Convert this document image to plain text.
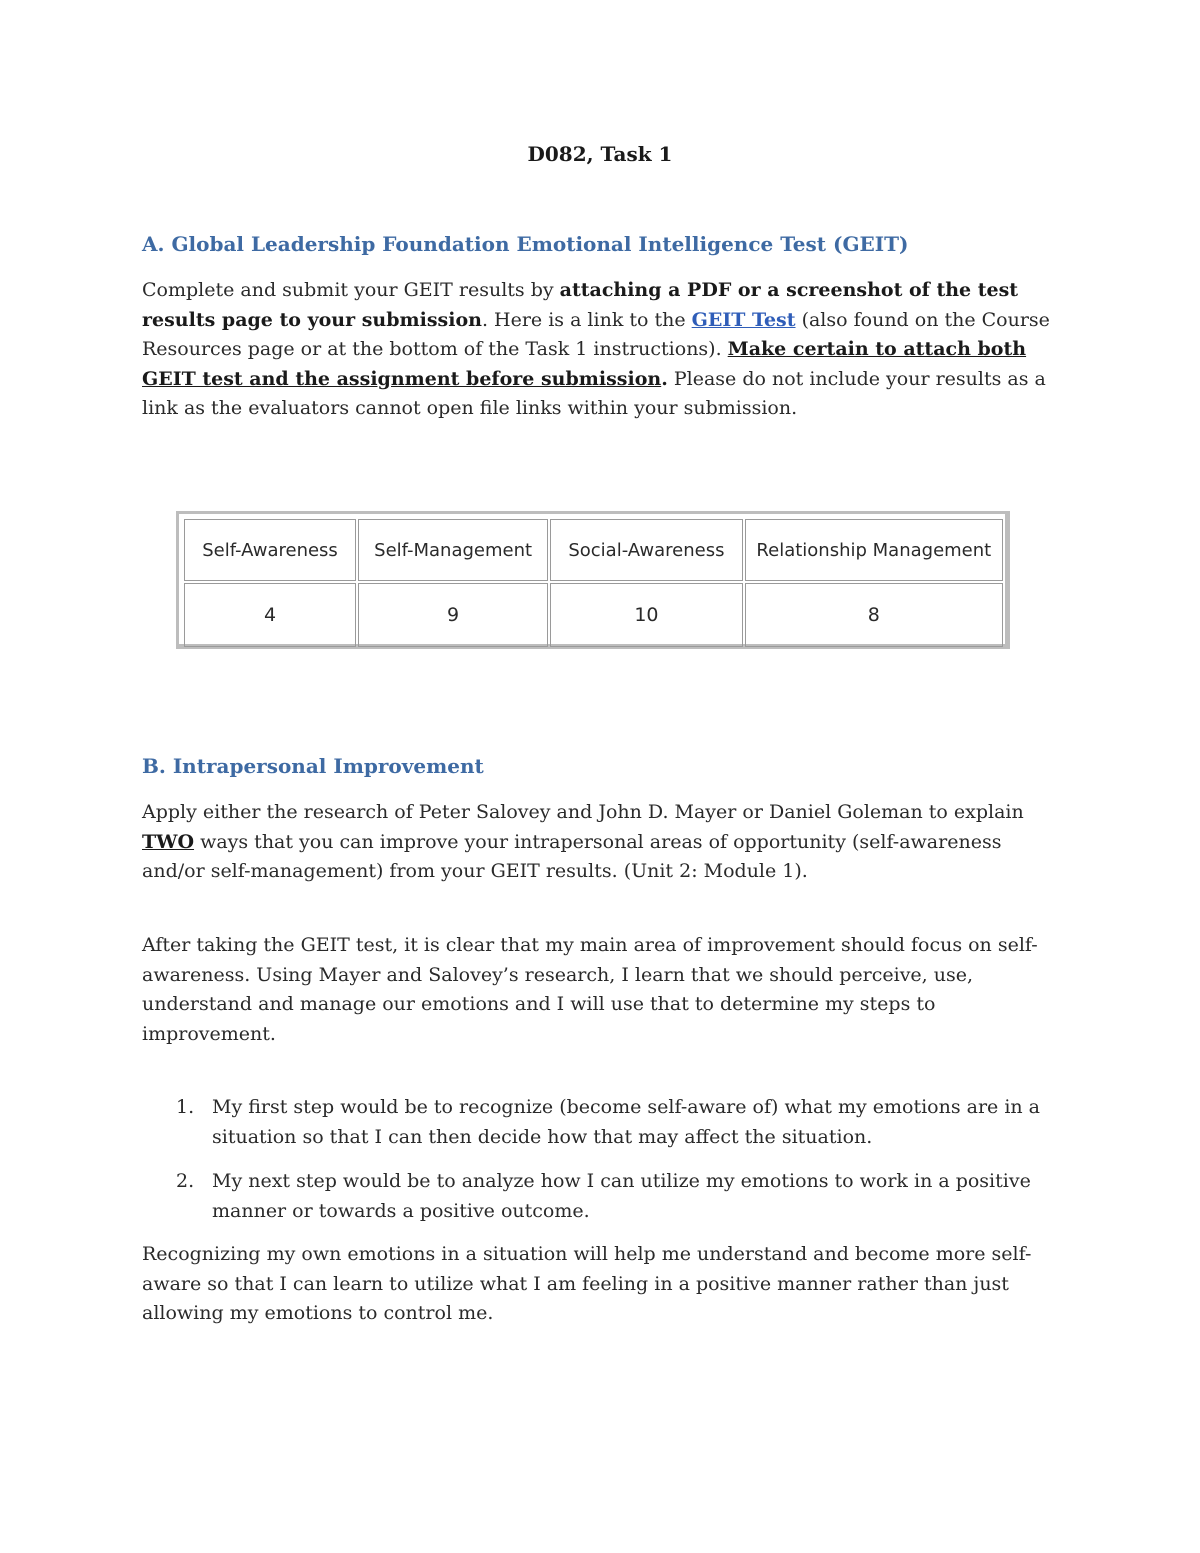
D082, Task 1
A. Global Leadership Foundation Emotional Intelligence Test (GEIT)
Complete and submit your GEIT results by attaching a PDF or a screenshot of the test results page to your submission. Here is a link to the GEIT Test (also found on the Course Resources page or at the bottom of the Task 1 instructions). Make certain to attach both GEIT test and the assignment before submission. Please do not include your results as a link as the evaluators cannot open file links within your submission.
Self-Awareness	Self-Management	Social-Awareness	Relationship Management
4	9	10	8
B. Intrapersonal Improvement
Apply either the research of Peter Salovey and John D. Mayer or Daniel Goleman to explain TWO ways that you can improve your intrapersonal areas of opportunity (self-awareness and/or self-management) from your GEIT results. (Unit 2: Module 1).
After taking the GEIT test, it is clear that my main area of improvement should focus on self-awareness. Using Mayer and Salovey’s research, I learn that we should perceive, use, understand and manage our emotions and I will use that to determine my steps to improvement.
1. My first step would be to recognize (become self-aware of) what my emotions are in a situation so that I can then decide how that may affect the situation.
2. My next step would be to analyze how I can utilize my emotions to work in a positive manner or towards a positive outcome.
Recognizing my own emotions in a situation will help me understand and become more self-aware so that I can learn to utilize what I am feeling in a positive manner rather than just allowing my emotions to control me.
